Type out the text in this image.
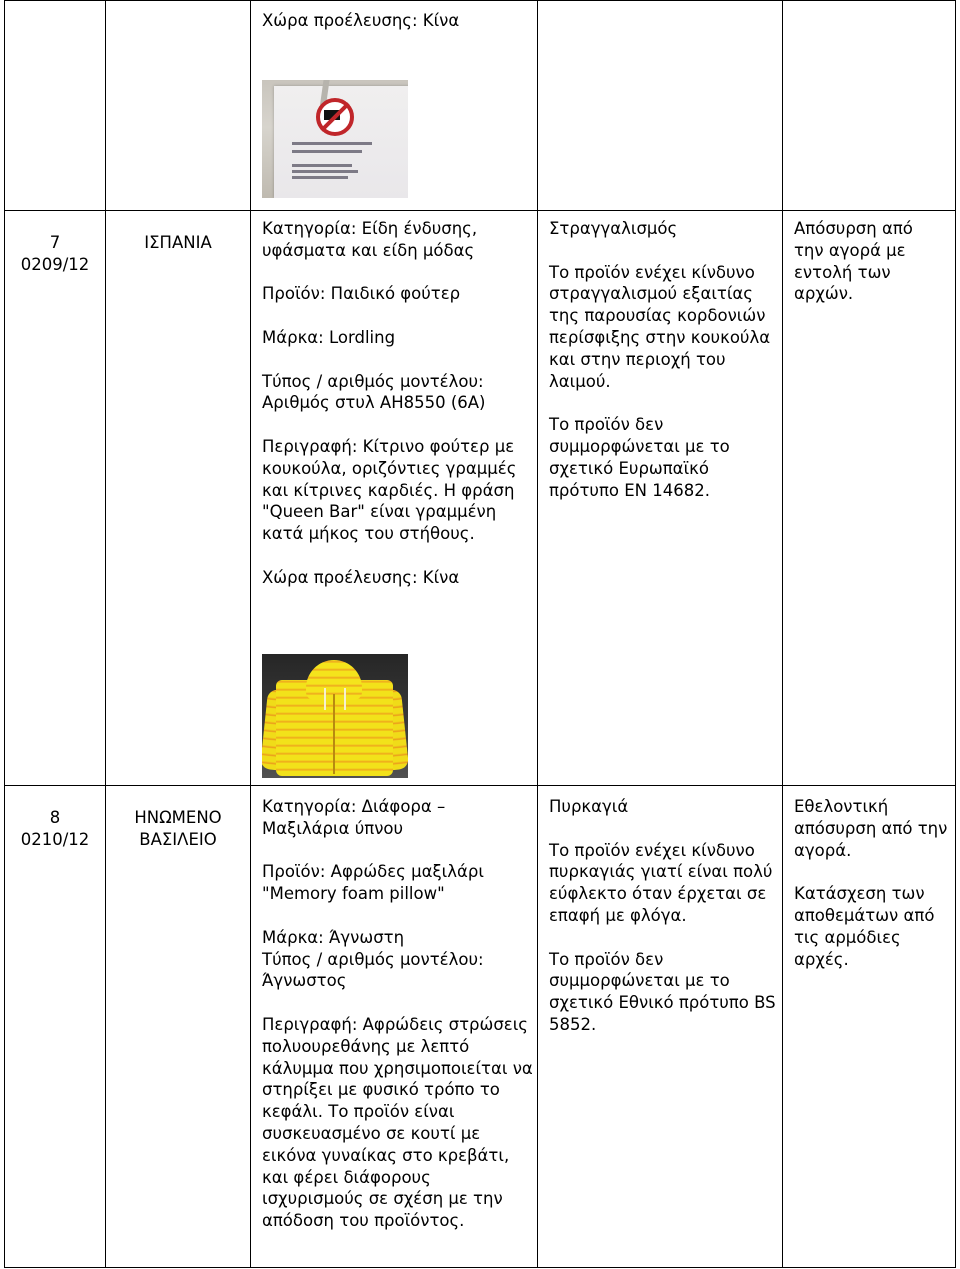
Χώρα προέλευσης: Κίνα

7
0209/12
ΙΣΠΑΝΙΑ

Κατηγορία: Είδη ένδυσης, υφάσματα και είδη μόδας

Προϊόν: Παιδικό φούτερ

Μάρκα: Lordling

Τύπος / αριθμός μοντέλου: Αριθμός στυλ AH8550 (6A)

Περιγραφή: Κίτρινο φούτερ με κουκούλα, οριζόντιες γραμμές και κίτρινες καρδιές. Η φράση "Queen Bar" είναι γραμμένη κατά μήκος του στήθους.

Χώρα προέλευσης: Κίνα

Στραγγαλισμός

Το προϊόν ενέχει κίνδυνο στραγγαλισμού εξαιτίας της παρουσίας κορδονιών περίσφιξης στην κουκούλα και στην περιοχή του λαιμού.

Το προϊόν δεν συμμορφώνεται με το σχετικό Ευρωπαϊκό πρότυπο EN 14682.

Απόσυρση από την αγορά με εντολή των αρχών.

8
0210/12
ΗΝΩΜΕΝΟ ΒΑΣΙΛΕΙΟ

Κατηγορία: Διάφορα – Μαξιλάρια ύπνου

Προϊόν: Αφρώδες μαξιλάρι "Memory foam pillow"

Μάρκα: Άγνωστη

Τύπος / αριθμός μοντέλου: Άγνωστος

Περιγραφή: Αφρώδεις στρώσεις πολυουρεθάνης με λεπτό κάλυμμα που χρησιμοποιείται να στηρίξει με φυσικό τρόπο το κεφάλι. Το προϊόν είναι συσκευασμένο σε κουτί με εικόνα γυναίκας στο κρεβάτι, και φέρει διάφορους ισχυρισμούς σε σχέση με την απόδοση του προϊόντος.

Πυρκαγιά

Το προϊόν ενέχει κίνδυνο πυρκαγιάς γιατί είναι πολύ εύφλεκτο όταν έρχεται σε επαφή με φλόγα.

Το προϊόν δεν συμμορφώνεται με το σχετικό Εθνικό πρότυπο BS 5852.

Εθελοντική απόσυρση από την αγορά.

Κατάσχεση των αποθεμάτων από τις αρμόδιες αρχές.
